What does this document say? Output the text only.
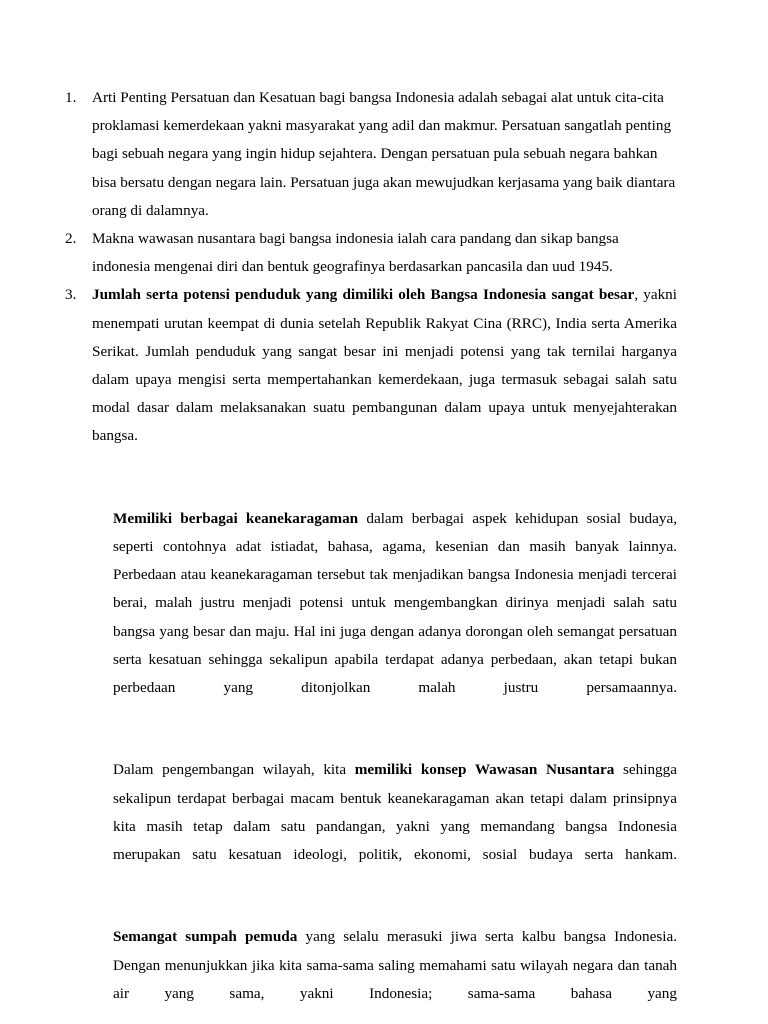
1.	Arti Penting Persatuan dan Kesatuan bagi bangsa Indonesia adalah sebagai alat untuk cita-cita proklamasi kemerdekaan yakni masyarakat yang adil dan makmur. Persatuan sangatlah penting bagi sebuah negara yang ingin hidup sejahtera. Dengan persatuan pula sebuah negara bahkan bisa bersatu dengan negara lain. Persatuan juga akan mewujudkan kerjasama yang baik diantara orang di dalamnya.
2.	Makna wawasan nusantara bagi bangsa indonesia ialah cara pandang dan sikap bangsa indonesia mengenai diri dan bentuk geografinya berdasarkan pancasila dan uud 1945.
3.	Jumlah serta potensi penduduk yang dimiliki oleh Bangsa Indonesia sangat besar, yakni menempati urutan keempat di dunia setelah Republik Rakyat Cina (RRC), India serta Amerika Serikat. Jumlah penduduk yang sangat besar ini menjadi potensi yang tak ternilai harganya dalam upaya mengisi serta mempertahankan kemerdekaan, juga termasuk sebagai salah satu modal dasar dalam melaksanakan suatu pembangunan dalam upaya untuk menyejahterakan bangsa.

Memiliki berbagai keanekaragaman dalam berbagai aspek kehidupan sosial budaya, seperti contohnya adat istiadat, bahasa, agama, kesenian dan masih banyak lainnya. Perbedaan atau keanekaragaman tersebut tak menjadikan bangsa Indonesia menjadi tercerai berai, malah justru menjadi potensi untuk mengembangkan dirinya menjadi salah satu bangsa yang besar dan maju. Hal ini juga dengan adanya dorongan oleh semangat persatuan serta kesatuan sehingga sekalipun apabila terdapat adanya perbedaan, akan tetapi bukan perbedaan yang ditonjolkan malah justru persamaannya.

Dalam pengembangan wilayah, kita memiliki konsep Wawasan Nusantara sehingga sekalipun terdapat berbagai macam bentuk keanekaragaman akan tetapi dalam prinsipnya kita masih tetap dalam satu pandangan, yakni yang memandang bangsa Indonesia merupakan satu kesatuan ideologi, politik, ekonomi, sosial budaya serta hankam.

Semangat sumpah pemuda yang selalu merasuki jiwa serta kalbu bangsa Indonesia. Dengan menunjukkan jika kita sama-sama saling memahami satu wilayah negara dan tanah air yang sama, yakni Indonesia; sama-sama bahasa yang
